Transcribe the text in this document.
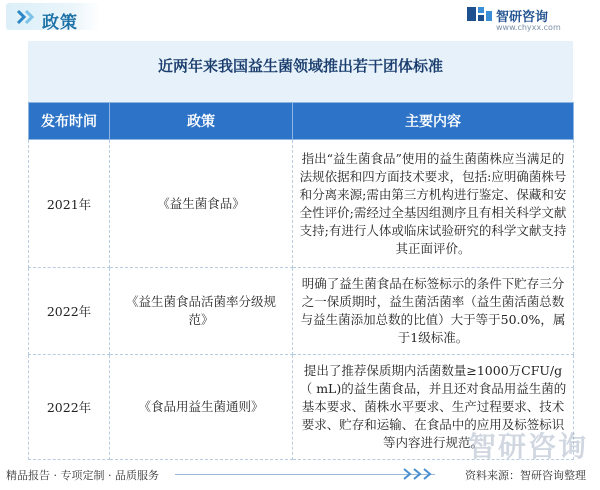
政策	智研咨询
www.chyxx.com
近两年来我国益生菌领域推出若干团体标准
发布时间	政策	主要内容
2021年	《益生菌食品》	指出“益生菌食品”使用的益生菌菌株应当满足的法规依据和四方面技术要求，包括:应明确菌株号和分离来源;需由第三方机构进行鉴定、保藏和安全性评价;需经过全基因组测序且有相关科学文献支持;有进行人体或临床试验研究的科学文献支持其正面评价。
2022年	《益生菌食品活菌率分级规范》	明确了益生菌食品在标签标示的条件下贮存三分之一保质期时，益生菌活菌率（益生菌活菌总数与益生菌添加总数的比值）大于等于50.0%，属于1级标准。
2022年	《食品用益生菌通则》	提出了推荐保质期内活菌数量≥1000万CFU/g（ mL)的益生菌食品，并且还对食品用益生菌的基本要求、菌株水平要求、生产过程要求、技术要求、贮存和运输、在食品中的应用及标签标识等内容进行规范。
智研咨询
精品报告 · 专项定制 · 品质服务	资料来源：智研咨询整理
